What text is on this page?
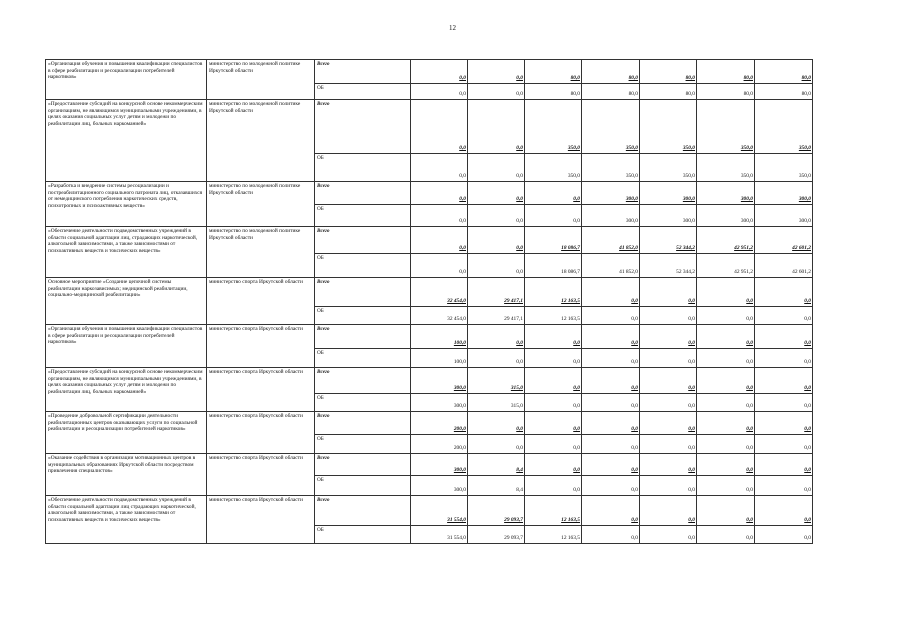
12
«Организация обучения и повышения квалификации специалистов в сфере реабилитации и ресоциализации потребителей наркотиков»	министерство по молодежной политике Иркутской области	Всего	0,0	0,0	80,0	80,0	80,0	80,0	80,0
		ОБ	0,0	0,0	80,0	80,0	80,0	80,0	80,0
«Предоставление субсидий на конкурсной основе некоммерческим организациям, не являющимся муниципальными учреждениями, в целях оказания социальных услуг детям и молодежи по реабилитации лиц, больных наркоманией»	министерство по молодежной политике Иркутской области	Всего	0,0	0,0	350,0	350,0	350,0	350,0	350,0
		ОБ	0,0	0,0	350,0	350,0	350,0	350,0	350,0
«Разработка и внедрение системы ресоциализации и постреабилитационного социального патроната лиц, отказавшихся от немедицинского потребления наркотических средств, психотропных и психоактивных веществ»	министерство по молодежной политике Иркутской области	Всего	0,0	0,0	0,0	300,0	300,0	300,0	300,0
		ОБ	0,0	0,0	0,0	300,0	300,0	300,0	300,0
«Обеспечение деятельности подведомственных учреждений в области социальной адаптации лиц, страдающих наркотической, алкогольной зависимостями, а также зависимостями от психоактивных веществ и токсических веществ»	министерство по молодежной политике Иркутской области	Всего	0,0	0,0	18 086,7	41 852,0	52 344,2	42 951,2	42 601,2
		ОБ	0,0	0,0	18 086,7	41 852,0	52 344,2	42 951,2	42 601,2
Основное мероприятие «Создание цепочной системы реабилитации наркозависимых; медицинской реабилитации, социально-медицинской реабилитации»	министерство спорта Иркутской области	Всего	32 454,0	29 417,1	12 163,5	0,0	0,0	0,0	0,0
		ОБ	32 454,0	29 417,1	12 163,5	0,0	0,0	0,0	0,0
«Организация обучения и повышения квалификации специалистов в сфере реабилитации и ресоциализации потребителей наркотиков»	министерство спорта Иркутской области	Всего	100,0	0,0	0,0	0,0	0,0	0,0	0,0
		ОБ	100,0	0,0	0,0	0,0	0,0	0,0	0,0
«Предоставление субсидий на конкурсной основе некоммерческим организациям, не являющимся муниципальными учреждениями, в целях оказания социальных услуг детям и молодежи по реабилитации лиц, больных наркоманией»	министерство спорта Иркутской области	Всего	300,0	315,0	0,0	0,0	0,0	0,0	0,0
		ОБ	300,0	315,0	0,0	0,0	0,0	0,0	0,0
«Проведение добровольной сертификации деятельности реабилитационных центров оказывающих услуги по социальной реабилитации и ресоциализации потребителей наркотиков»	министерство спорта Иркутской области	Всего	200,0	0,0	0,0	0,0	0,0	0,0	0,0
		ОБ	200,0	0,0	0,0	0,0	0,0	0,0	0,0
«Оказание содействия в организации мотивационных центров в муниципальных образованиях Иркутской области посредством привлечения специалистов»	министерство спорта Иркутской области	Всего	300,0	8,4	0,0	0,0	0,0	0,0	0,0
		ОБ	300,0	8,4	0,0	0,0	0,0	0,0	0,0
«Обеспечение деятельности подведомственных учреждений в области социальной адаптации лиц страдающих наркотической, алкогольной зависимостями, а также зависимостями от психоактивных веществ и токсических веществ»	министерство спорта Иркутской области	Всего	31 554,0	29 093,7	12 163,5	0,0	0,0	0,0	0,0
		ОБ	31 554,0	29 093,7	12 163,5	0,0	0,0	0,0	0,0
